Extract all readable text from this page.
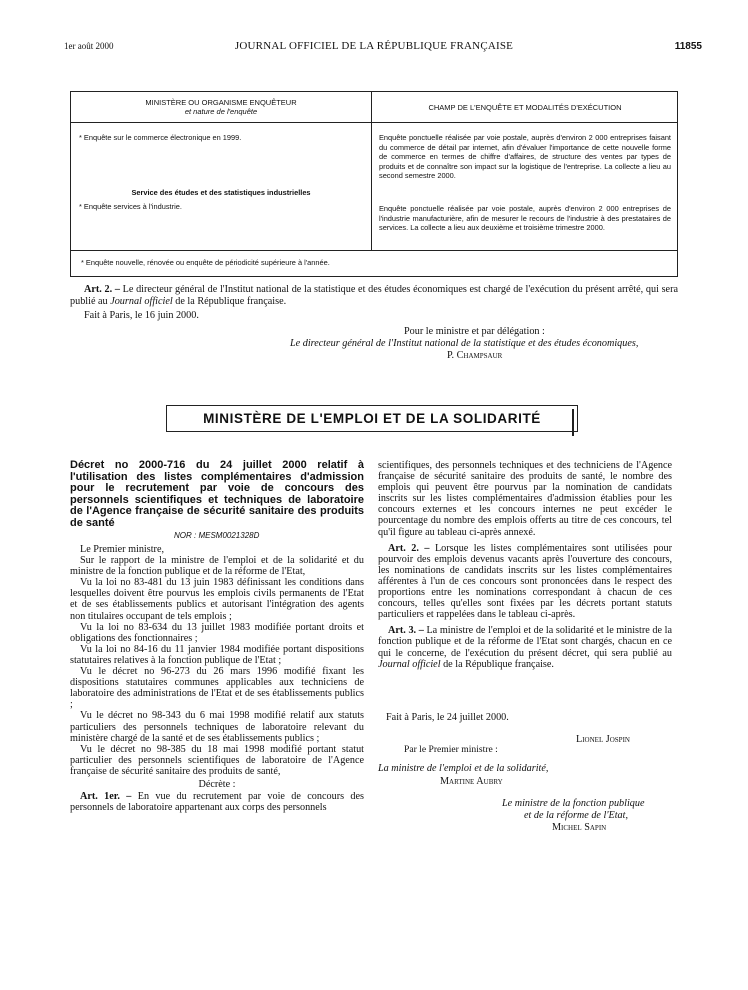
1er août 2000	JOURNAL OFFICIEL DE LA RÉPUBLIQUE FRANÇAISE	11855
MINISTÈRE OU ORGANISME ENQUÊTEUR
et nature de l'enquête	CHAMP DE L'ENQUÊTE ET MODALITÉS D'EXÉCUTION
* Enquête sur le commerce électronique en 1999.	Enquête ponctuelle réalisée par voie postale, auprès d'environ 2 000 entreprises faisant du commerce de détail par internet, afin d'évaluer l'importance de cette nouvelle forme de commerce en termes de chiffre d'affaires, de structure des ventes par types de produits et de connaître son impact sur la logistique de l'entreprise. La collecte a lieu au second semestre 2000.
Service des études et des statistiques industrielles
* Enquête services à l'industrie.	Enquête ponctuelle réalisée par voie postale, auprès d'environ 2 000 entreprises de l'industrie manufacturière, afin de mesurer le recours de l'industrie à des prestataires de services. La collecte a lieu aux deuxième et troisième trimestre 2000.
* Enquête nouvelle, rénovée ou enquête de périodicité supérieure à l'année.
Art. 2. – Le directeur général de l'Institut national de la statistique et des études économiques est chargé de l'exécution du présent arrêté, qui sera publié au Journal officiel de la République française.
Fait à Paris, le 16 juin 2000.
Pour le ministre et par délégation :
Le directeur général de l'Institut national de la statistique et des études économiques,
P. Champsaur
MINISTÈRE DE L'EMPLOI ET DE LA SOLIDARITÉ
Décret no 2000-716 du 24 juillet 2000 relatif à l'utilisation des listes complémentaires d'admission pour le recrutement par voie de concours des personnels scientifiques et techniques de laboratoire de l'Agence française de sécurité sanitaire des produits de santé
NOR : MESM0021328D

Le Premier ministre,

Sur le rapport de la ministre de l'emploi et de la solidarité et du ministre de la fonction publique et de la réforme de l'Etat,

Vu la loi no 83-481 du 13 juin 1983 définissant les conditions dans lesquelles doivent être pourvus les emplois civils permanents de l'Etat et de ses établissements publics et autorisant l'intégration des agents non titulaires occupant de tels emplois ;

Vu la loi no 83-634 du 13 juillet 1983 modifiée portant droits et obligations des fonctionnaires ;

Vu la loi no 84-16 du 11 janvier 1984 modifiée portant dispositions statutaires relatives à la fonction publique de l'Etat ;

Vu le décret no 96-273 du 26 mars 1996 modifié fixant les dispositions statutaires communes applicables aux techniciens de laboratoire des administrations de l'Etat et de ses établissements publics ;

Vu le décret no 98-343 du 6 mai 1998 modifié relatif aux statuts particuliers des personnels techniques de laboratoire relevant du ministère chargé de la santé et de ses établissements publics ;

Vu le décret no 98-385 du 18 mai 1998 modifié portant statut particulier des personnels scientifiques de laboratoire de l'Agence française de sécurité sanitaire des produits de santé,

Décrète :

Art. 1er. – En vue du recrutement par voie de concours des personnels de laboratoire appartenant aux corps des personnels

scientifiques, des personnels techniques et des techniciens de l'Agence française de sécurité sanitaire des produits de santé, le nombre des emplois qui peuvent être pourvus par la nomination de candidats inscrits sur les listes complémentaires d'admission établies pour les concours externes et les concours internes ne peut excéder le pourcentage du nombre des emplois offerts au titre de ces concours, tel qu'il figure au tableau ci-après annexé.

Art. 2. – Lorsque les listes complémentaires sont utilisées pour pourvoir des emplois devenus vacants après l'ouverture des concours, les nominations de candidats inscrits sur les listes complémentaires afférentes à l'un de ces concours sont prononcées dans le respect des proportions entre les nominations correspondant à chacun de ces concours, telles qu'elles sont fixées par les décrets portant statuts particuliers et rappelées dans le tableau ci-après.

Art. 3. – La ministre de l'emploi et de la solidarité et le ministre de la fonction publique et de la réforme de l'Etat sont chargés, chacun en ce qui le concerne, de l'exécution du présent décret, qui sera publié au Journal officiel de la République française.

Fait à Paris, le 24 juillet 2000.
Lionel Jospin
Par le Premier ministre :
La ministre de l'emploi et de la solidarité,
Martine Aubry
Le ministre de la fonction publique
et de la réforme de l'Etat,
Michel Sapin
